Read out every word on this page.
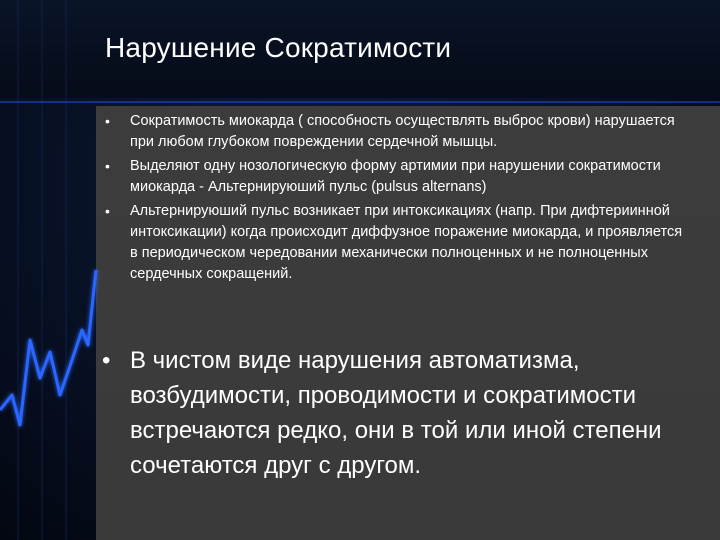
Нарушение Сократимости
• Сократимость миокарда ( способность осуществлять выброс крови) нарушается при любом глубоком повреждении сердечной мышцы.
• Выделяют одну нозологическую форму артимии при нарушении сократимости миокарда - Альтернируюший пульс (pulsus alternans)
• Альтернируюший пульс возникает при интоксикациях (напр. При дифтериинной интоксикации) когда происходит диффузное поражение миокарда, и проявляется в периодическом чередовании механически полноценных и не полноценных сердечных сокращений.
• В чистом виде нарушения автоматизма, возбудимости, проводимости и сократимости встречаются редко, они в той или иной степени сочетаются друг с другом.
